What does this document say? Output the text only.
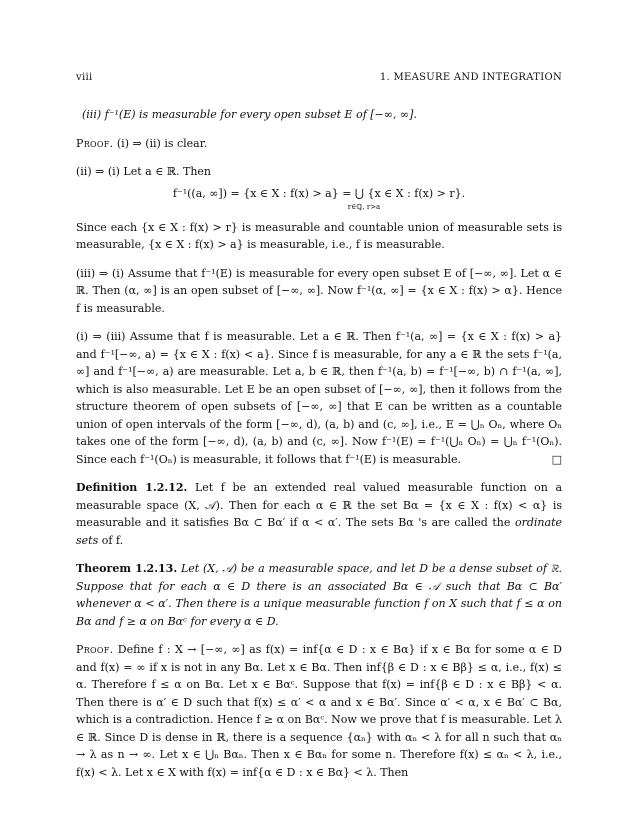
viii	1. MEASURE AND INTEGRATION

(iii) f⁻¹(E) is measurable for every open subset E of [−∞, ∞].

Proof. (i) ⇒ (ii) is clear.

(ii) ⇒ (i) Let a ∈ ℝ. Then

f⁻¹((a, ∞]) = {x ∈ X : f(x) > a} = ⋃ {x ∈ X : f(x) > r}.
r∈ℚ, r>a

Since each {x ∈ X : f(x) > r} is measurable and countable union of measurable sets is measurable, {x ∈ X : f(x) > a} is measurable, i.e., f is measurable.

(iii) ⇒ (i) Assume that f⁻¹(E) is measurable for every open subset E of [−∞, ∞]. Let α ∈ ℝ. Then (α, ∞] is an open subset of [−∞, ∞]. Now f⁻¹(α, ∞] = {x ∈ X : f(x) > α}. Hence f is measurable.

(i) ⇒ (iii) Assume that f is measurable. Let a ∈ ℝ. Then f⁻¹(a, ∞] = {x ∈ X : f(x) > a} and f⁻¹[−∞, a) = {x ∈ X : f(x) < a}. Since f is measurable, for any a ∈ ℝ the sets f⁻¹(a, ∞] and f⁻¹[−∞, a) are measurable. Let a, b ∈ ℝ, then f⁻¹(a, b) = f⁻¹[−∞, b) ∩ f⁻¹(a, ∞], which is also measurable. Let E be an open subset of [−∞, ∞], then it follows from the structure theorem of open subsets of [−∞, ∞] that E can be written as a countable union of open intervals of the form [−∞, d), (a, b) and (c, ∞], i.e., E = ⋃ₙ Oₙ, where Oₙ takes one of the form [−∞, d), (a, b) and (c, ∞]. Now f⁻¹(E) = f⁻¹(⋃ₙ Oₙ) = ⋃ₙ f⁻¹(Oₙ). Since each f⁻¹(Oₙ) is measurable, it follows that f⁻¹(E) is measurable.	□

Definition 1.2.12. Let f be an extended real valued measurable function on a measurable space (X, 𝒜). Then for each α ∈ ℝ the set Bα = {x ∈ X : f(x) < α} is measurable and it satisfies Bα ⊂ Bα′ if α < α′. The sets Bα 's are called the ordinate sets of f.

Theorem 1.2.13. Let (X, 𝒜) be a measurable space, and let D be a dense subset of ℝ. Suppose that for each α ∈ D there is an associated Bα ∈ 𝒜 such that Bα ⊂ Bα′ whenever α < α′. Then there is a unique measurable function f on X such that f ≤ α on Bα and f ≥ α on Bαᶜ for every α ∈ D.

Proof. Define f : X → [−∞, ∞] as f(x) = inf{α ∈ D : x ∈ Bα} if x ∈ Bα for some α ∈ D and f(x) = ∞ if x is not in any Bα. Let x ∈ Bα. Then inf{β ∈ D : x ∈ Bβ} ≤ α, i.e., f(x) ≤ α. Therefore f ≤ α on Bα. Let x ∈ Bαᶜ. Suppose that f(x) = inf{β ∈ D : x ∈ Bβ} < α. Then there is α′ ∈ D such that f(x) ≤ α′ < α and x ∈ Bα′. Since α′ < α, x ∈ Bα′ ⊂ Bα, which is a contradiction. Hence f ≥ α on Bαᶜ. Now we prove that f is measurable. Let λ ∈ ℝ. Since D is dense in ℝ, there is a sequence {αₙ} with αₙ < λ for all n such that αₙ → λ as n → ∞. Let x ∈ ⋃ₙ Bαₙ. Then x ∈ Bαₙ for some n. Therefore f(x) ≤ αₙ < λ, i.e., f(x) < λ. Let x ∈ X with f(x) = inf{α ∈ D : x ∈ Bα} < λ. Then
